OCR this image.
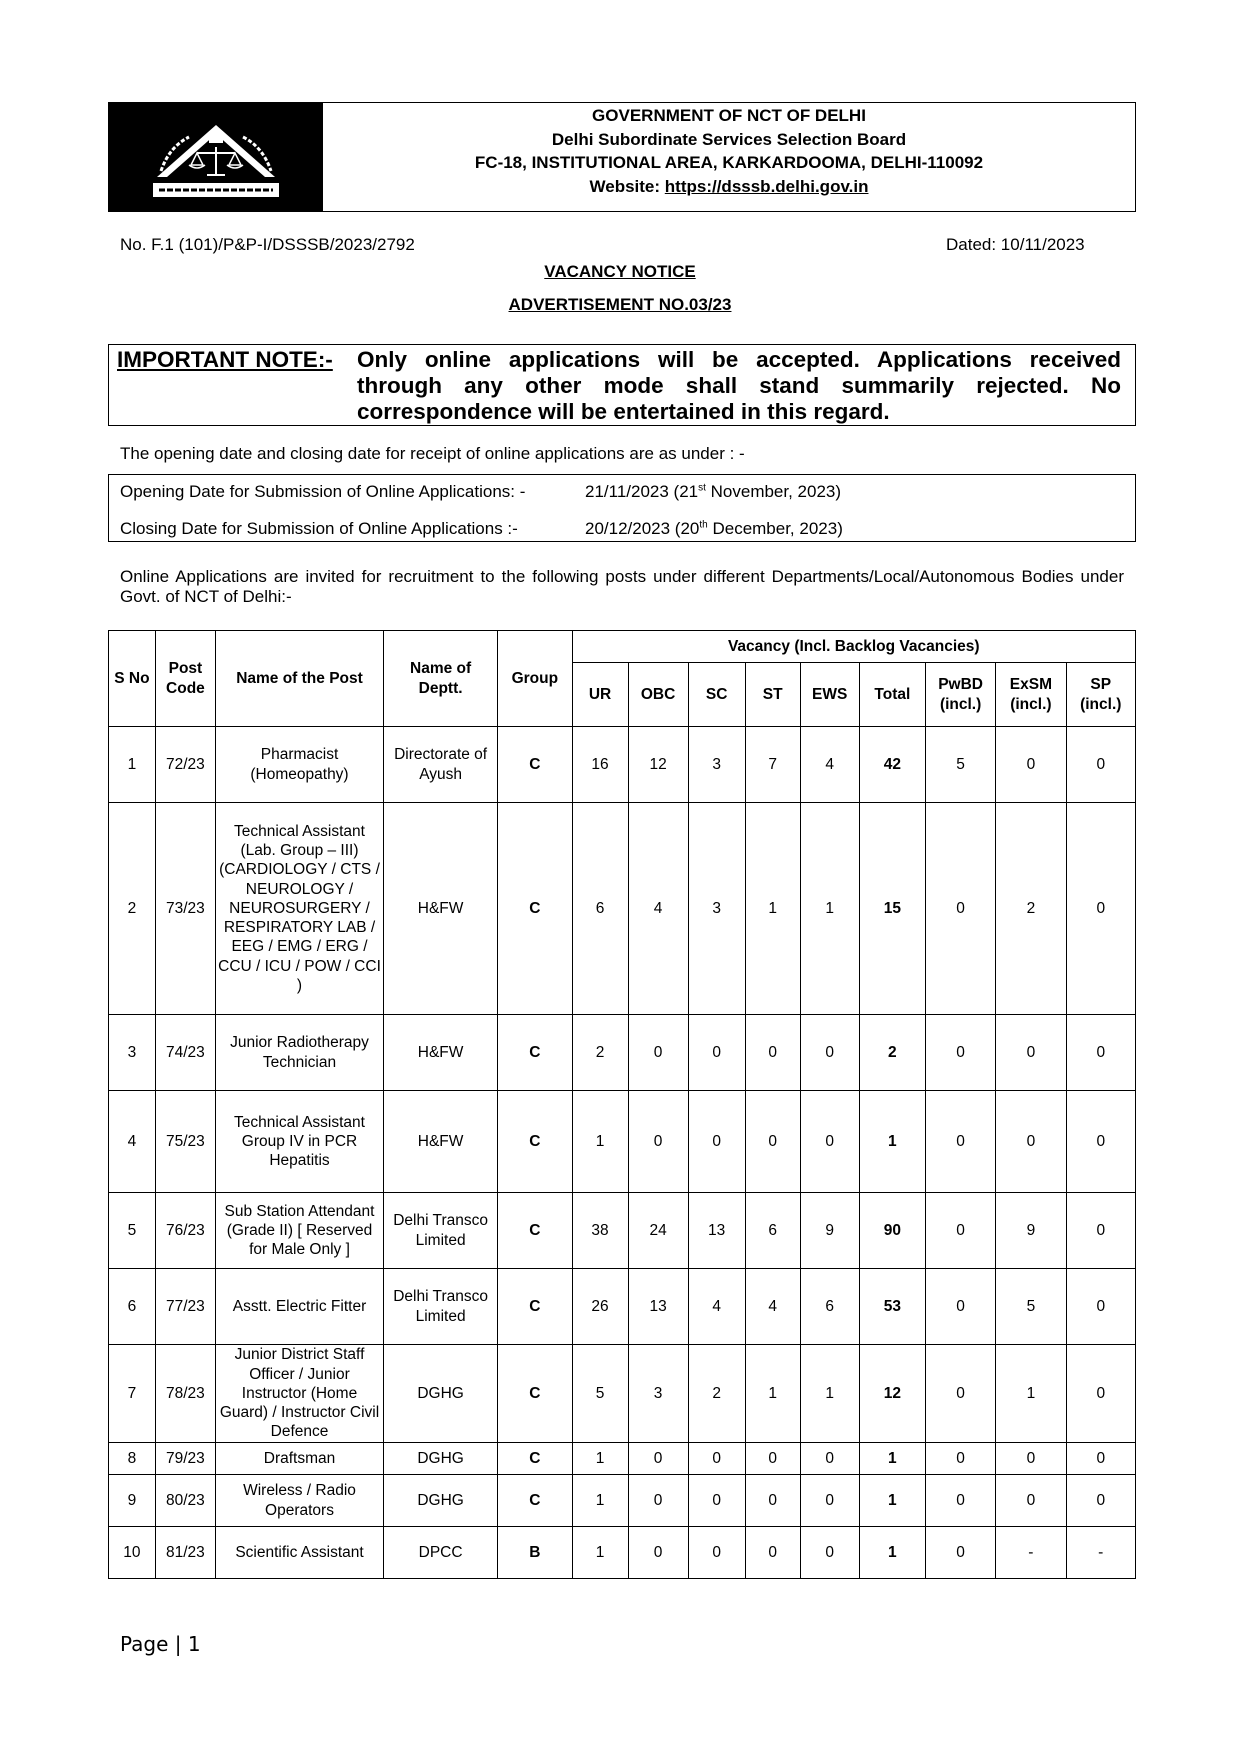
GOVERNMENT OF NCT OF DELHI
Delhi Subordinate Services Selection Board
FC-18, INSTITUTIONAL AREA, KARKARDOOMA, DELHI-110092
Website: https://dsssb.delhi.gov.in
No. F.1 (101)/P&P-I/DSSSB/2023/2792	Dated: 10/11/2023
VACANCY NOTICE
ADVERTISEMENT NO.03/23
IMPORTANT NOTE:- Only online applications will be accepted. Applications received through any other mode shall stand summarily rejected. No correspondence will be entertained in this regard.
The opening date and closing date for receipt of online applications are as under : -
Opening Date for Submission of Online Applications: -	21/11/2023 (21st November, 2023)
Closing Date for Submission of Online Applications :-	20/12/2023 (20th December, 2023)
Online Applications are invited for recruitment to the following posts under different Departments/Local/Autonomous Bodies under Govt. of NCT of Delhi:-
S No	Post Code	Name of the Post	Name of Deptt.	Group	Vacancy (Incl. Backlog Vacancies)								
					UR	OBC	SC	ST	EWS	Total	PwBD (incl.)	ExSM (incl.)	SP (incl.)
1	72/23	Pharmacist (Homeopathy)	Directorate of Ayush	C	16	12	3	7	4	42	5	0	0
2	73/23	Technical Assistant (Lab. Group – III) (CARDIOLOGY / CTS / NEUROLOGY / NEUROSURGERY / RESPIRATORY LAB / EEG / EMG / ERG / CCU / ICU / POW / CCI )	H&FW	C	6	4	3	1	1	15	0	2	0
3	74/23	Junior Radiotherapy Technician	H&FW	C	2	0	0	0	0	2	0	0	0
4	75/23	Technical Assistant Group IV in PCR Hepatitis	H&FW	C	1	0	0	0	0	1	0	0	0
5	76/23	Sub Station Attendant (Grade II) [ Reserved for Male Only ]	Delhi Transco Limited	C	38	24	13	6	9	90	0	9	0
6	77/23	Asstt. Electric Fitter	Delhi Transco Limited	C	26	13	4	4	6	53	0	5	0
7	78/23	Junior District Staff Officer / Junior Instructor (Home Guard) / Instructor Civil Defence	DGHG	C	5	3	2	1	1	12	0	1	0
8	79/23	Draftsman	DGHG	C	1	0	0	0	0	1	0	0	0
9	80/23	Wireless / Radio Operators	DGHG	C	1	0	0	0	0	1	0	0	0
10	81/23	Scientific Assistant	DPCC	B	1	0	0	0	0	1	0	-	-
Page | 1
